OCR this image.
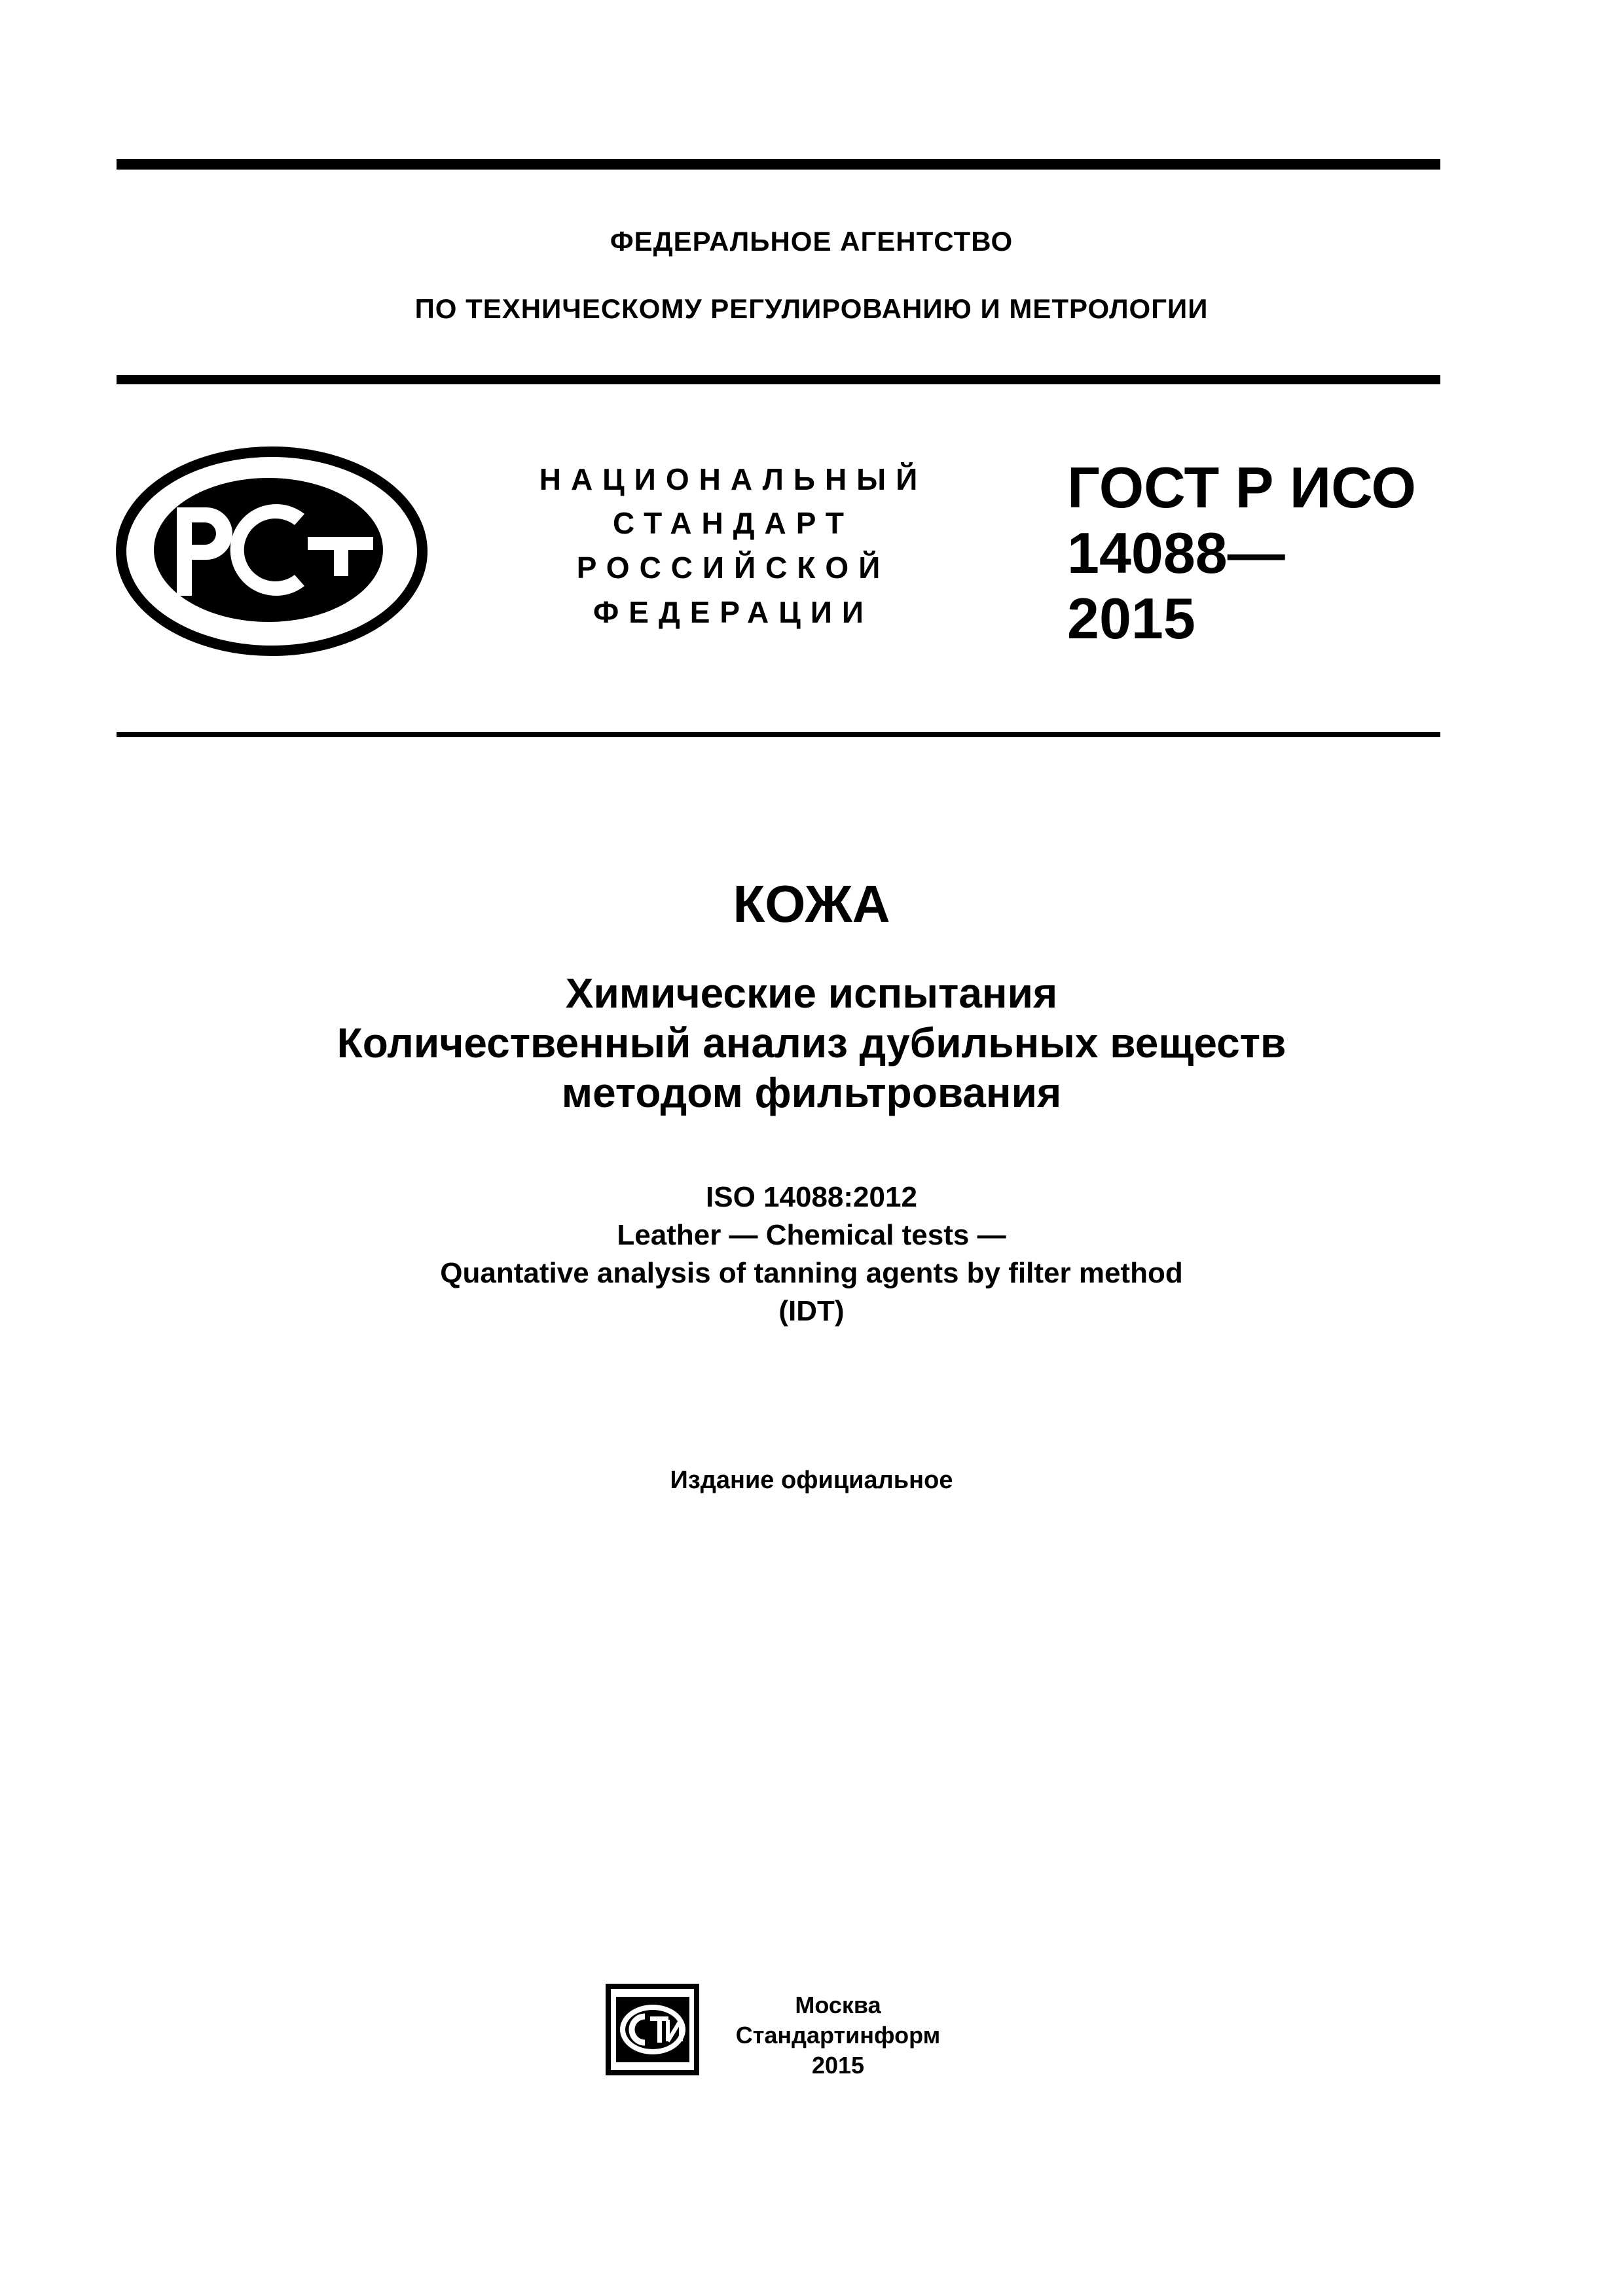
ФЕДЕРАЛЬНОЕ АГЕНТСТВО
ПО ТЕХНИЧЕСКОМУ РЕГУЛИРОВАНИЮ И МЕТРОЛОГИИ
НАЦИОНАЛЬНЫЙ
СТАНДАРТ
РОССИЙСКОЙ
ФЕДЕРАЦИИ
ГОСТ Р ИСО
14088—
2015
КОЖА
Химические испытания
Количественный анализ дубильных веществ
методом фильтрования
ISO 14088:2012
Leather — Chemical tests —
Quantative analysis of tanning agents by filter method
(IDT)
Издание официальное
Москва
Стандартинформ
2015
